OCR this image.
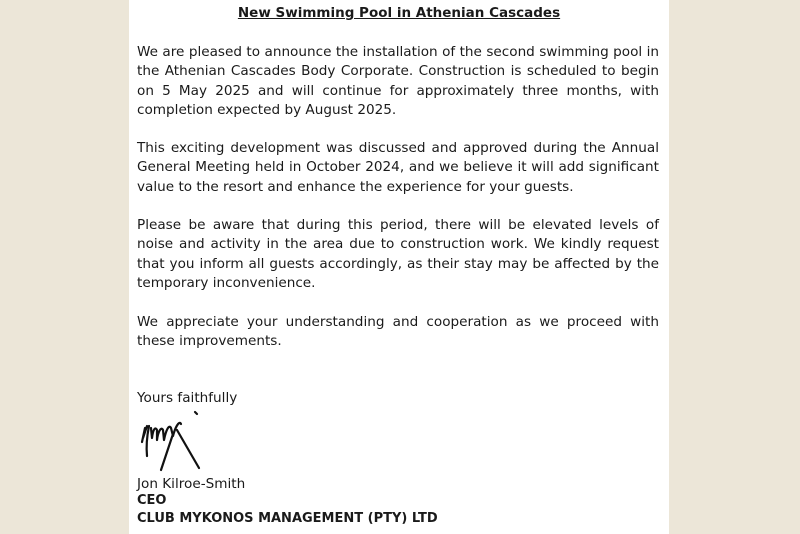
New Swimming Pool in Athenian Cascades

We are pleased to announce the installation of the second swimming pool in the Athenian Cascades Body Corporate. Construction is scheduled to begin on 5 May 2025 and will continue for approximately three months, with completion expected by August 2025.

This exciting development was discussed and approved during the Annual General Meeting held in October 2024, and we believe it will add significant value to the resort and enhance the experience for your guests.

Please be aware that during this period, there will be elevated levels of noise and activity in the area due to construction work. We kindly request that you inform all guests accordingly, as their stay may be affected by the temporary inconvenience.

We appreciate your understanding and cooperation as we proceed with these improvements.

Yours faithfully
Jon Kilroe-Smith
CEO
CLUB MYKONOS MANAGEMENT (PTY) LTD
